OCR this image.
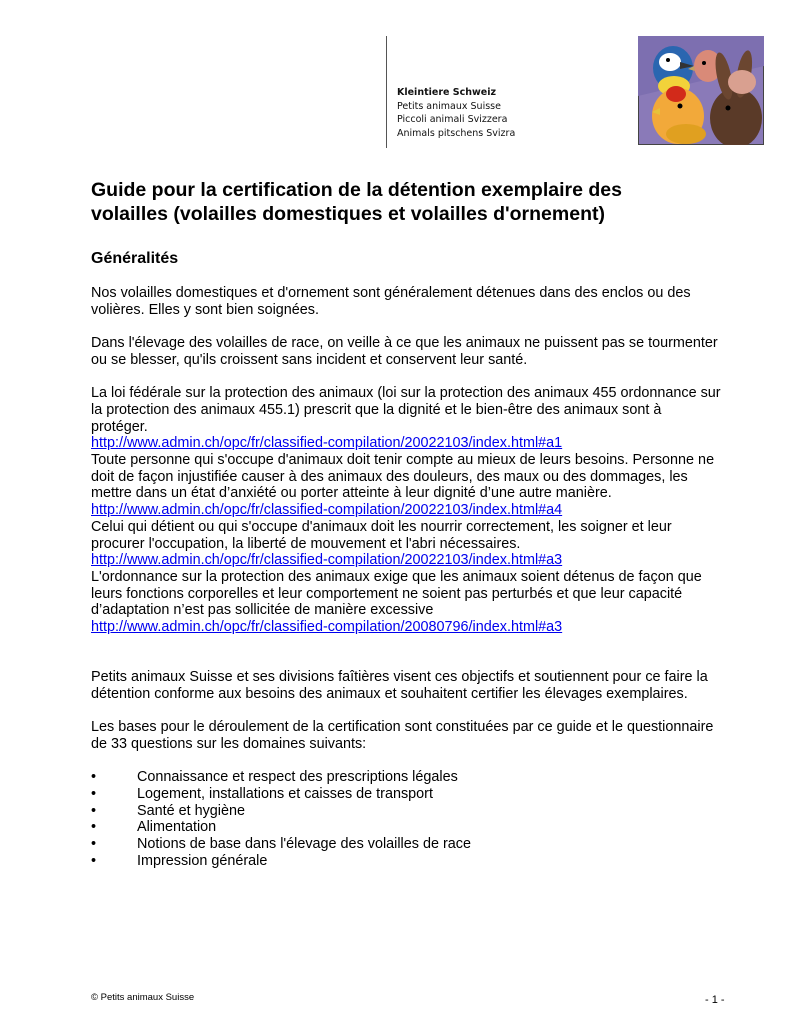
Kleintiere Schweiz
Petits animaux Suisse
Piccoli animali Svizzera
Animals pitschens Svizra
Guide pour la certification de la détention exemplaire des
volailles (volailles domestiques et volailles d'ornement)
Généralités

Nos volailles domestiques et d'ornement sont généralement détenues dans des enclos ou des volières. Elles y sont bien soignées.

Dans l'élevage des volailles de race, on veille à ce que les animaux ne puissent pas se tourmenter ou se blesser, qu'ils croissent sans incident et conservent leur santé.

La loi fédérale sur la protection des animaux (loi sur la protection des animaux 455 ordonnance sur la protection des animaux 455.1) prescrit que la dignité et le bien-être des animaux sont à protéger.

http://www.admin.ch/opc/fr/classified-compilation/20022103/index.html#a1

Toute personne qui s'occupe d'animaux doit tenir compte au mieux de leurs besoins. Personne ne doit de façon injustifiée causer à des animaux des douleurs, des maux ou des dommages, les mettre dans un état d’anxiété ou porter atteinte à leur dignité d’une autre manière.

http://www.admin.ch/opc/fr/classified-compilation/20022103/index.html#a4

Celui qui détient ou qui s'occupe d'animaux doit les nourrir correctement, les soigner et leur procurer l'occupation, la liberté de mouvement et l'abri nécessaires.

http://www.admin.ch/opc/fr/classified-compilation/20022103/index.html#a3

L'ordonnance sur la protection des animaux exige que les animaux soient détenus de façon que leurs fonctions corporelles et leur comportement ne soient pas perturbés et que leur capacité d’adaptation n’est pas sollicitée de manière excessive

http://www.admin.ch/opc/fr/classified-compilation/20080796/index.html#a3

Petits animaux Suisse et ses divisions faîtières visent ces objectifs et soutiennent pour ce faire la détention conforme aux besoins des animaux et souhaitent certifier les élevages exemplaires.

Les bases pour le déroulement de la certification sont constituées par ce guide et le questionnaire de 33 questions sur les domaines suivants:

•	Connaissance et respect des prescriptions légales
•	Logement, installations et caisses de transport
•	Santé et hygiène
•	Alimentation
•	Notions de base dans l'élevage des volailles de race
•	Impression générale
© Petits animaux Suisse	- 1 -
